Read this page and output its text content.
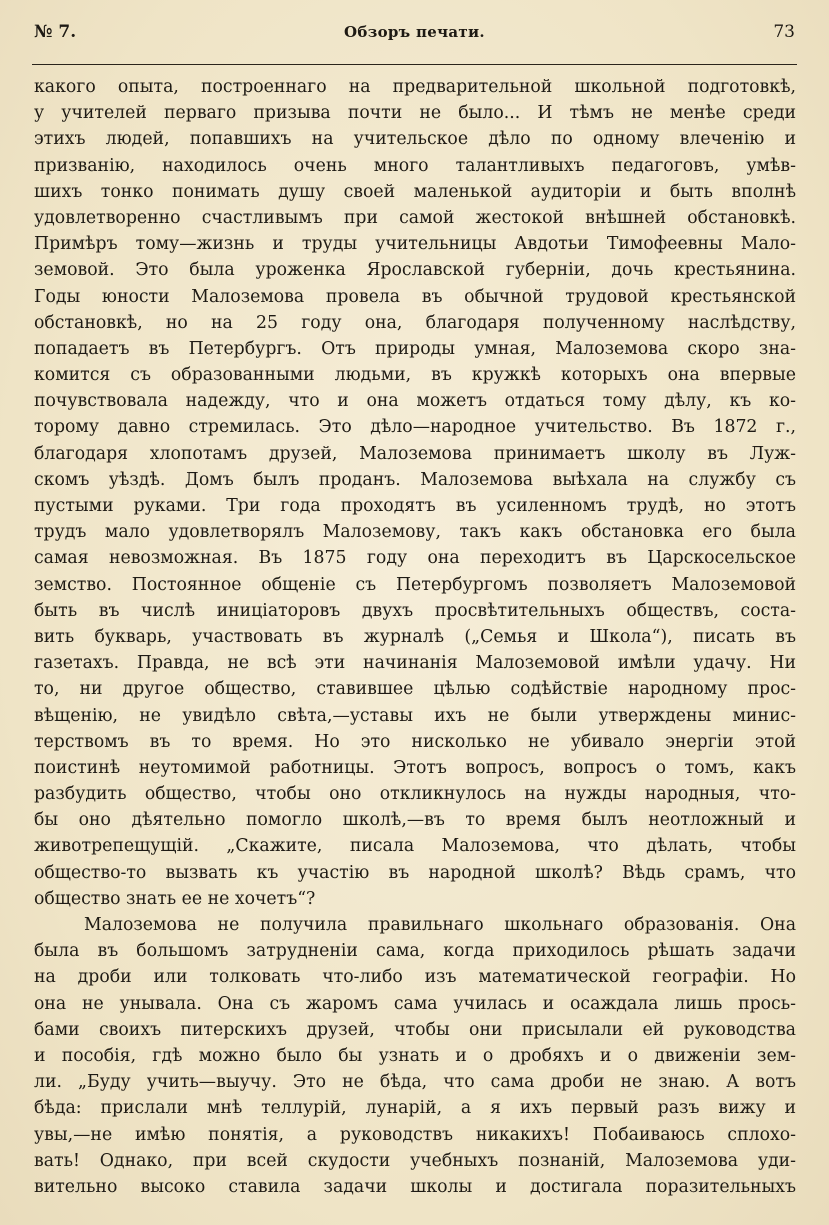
№ 7.	Обзоръ печати.	73
какого опыта, построеннаго на предварительной школьной подготовкѣ,
у учителей перваго призыва почти не было... И тѣмъ не менѣе среди
этихъ людей, попавшихъ на учительское дѣло по одному влеченію и
призванію, находилось очень много талантливыхъ педагоговъ, умѣв-
шихъ тонко понимать душу своей маленькой аудиторіи и быть вполнѣ
удовлетворенно счастливымъ при самой жестокой внѣшней обстановкѣ.
Примѣръ тому—жизнь и труды учительницы Авдотьи Тимофеевны Мало-
земовой. Это была уроженка Ярославской губерніи, дочь крестьянина.
Годы юности Малоземова провела въ обычной трудовой крестьянской
обстановкѣ, но на 25 году она, благодаря полученному наслѣдству,
попадаетъ въ Петербургъ. Отъ природы умная, Малоземова скоро зна-
комится съ образованными людьми, въ кружкѣ которыхъ она впервые
почувствовала надежду, что и она можетъ отдаться тому дѣлу, къ ко-
торому давно стремилась. Это дѣло—народное учительство. Въ 1872 г.,
благодаря хлопотамъ друзей, Малоземова принимаетъ школу въ Луж-
скомъ уѣздѣ. Домъ былъ проданъ. Малоземова выѣхала на службу съ
пустыми руками. Три года проходятъ въ усиленномъ трудѣ, но этотъ
трудъ мало удовлетворялъ Малоземову, такъ какъ обстановка его была
самая невозможная. Въ 1875 году она переходитъ въ Царскосельское
земство. Постоянное общеніе съ Петербургомъ позволяетъ Малоземовой
быть въ числѣ иниціаторовъ двухъ просвѣтительныхъ обществъ, соста-
вить букварь, участвовать въ журналѣ („Семья и Школа“), писать въ
газетахъ. Правда, не всѣ эти начинанія Малоземовой имѣли удачу. Ни
то, ни другое общество, ставившее цѣлью содѣйствіе народному прос-
вѣщенію, не увидѣло свѣта,—уставы ихъ не были утверждены минис-
терствомъ въ то время. Но это нисколько не убивало энергіи этой
поистинѣ неутомимой работницы. Этотъ вопросъ, вопросъ о томъ, какъ
разбудить общество, чтобы оно откликнулось на нужды народныя, что-
бы оно дѣятельно помогло школѣ,—въ то время былъ неотложный и
животрепещущій. „Скажите, писала Малоземова, что дѣлать, чтобы
общество-то вызвать къ участію въ народной школѣ? Вѣдь срамъ, что
общество знать ее не хочетъ“?
Малоземова не получила правильнаго школьнаго образованія. Она
была въ большомъ затрудненіи сама, когда приходилось рѣшать задачи
на дроби или толковать что-либо изъ математической географіи. Но
она не унывала. Она съ жаромъ сама училась и осаждала лишь прось-
бами своихъ питерскихъ друзей, чтобы они присылали ей руководства
и пособія, гдѣ можно было бы узнать и о дробяхъ и о движеніи зем-
ли. „Буду учить—выучу. Это не бѣда, что сама дроби не знаю. А вотъ
бѣда: прислали мнѣ теллурій, лунарій, а я ихъ первый разъ вижу и
увы,—не имѣю понятія, а руководствъ никакихъ! Побаиваюсь сплохо-
вать! Однако, при всей скудости учебныхъ познаній, Малоземова уди-
вительно высоко ставила задачи школы и достигала поразительныхъ
